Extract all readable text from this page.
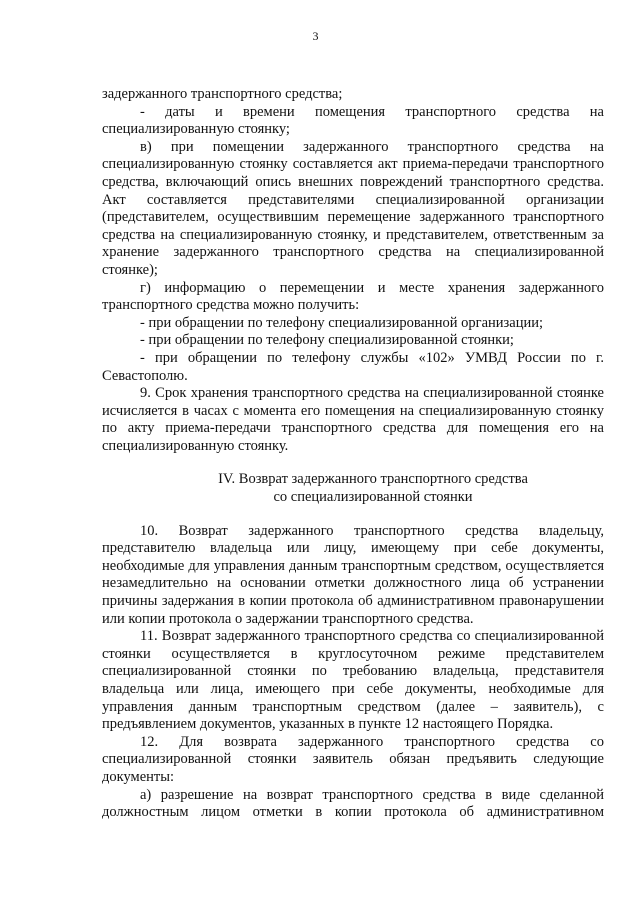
3

задержанного транспортного средства;

- даты и времени помещения транспортного средства на специализированную стоянку;

в) при помещении задержанного транспортного средства на специализированную стоянку составляется акт приема-передачи транспортного средства, включающий опись внешних повреждений транспортного средства. Акт составляется представителями специализированной организации (представителем, осуществившим перемещение задержанного транспортного средства на специализированную стоянку, и представителем, ответственным за хранение задержанного транспортного средства на специализированной стоянке);

г) информацию о перемещении и месте хранения задержанного транспортного средства можно получить:

- при обращении по телефону специализированной организации;

- при обращении по телефону специализированной стоянки;

- при обращении по телефону службы «102» УМВД России по г. Севастополю.

9. Срок хранения транспортного средства на специализированной стоянке исчисляется в часах с момента его помещения на специализированную стоянку по акту приема-передачи транспортного средства для помещения его на специализированную стоянку.

IV. Возврат задержанного транспортного средства
со специализированной стоянки

10. Возврат задержанного транспортного средства владельцу, представителю владельца или лицу, имеющему при себе документы, необходимые для управления данным транспортным средством, осуществляется незамедлительно на основании отметки должностного лица об устранении причины задержания в копии протокола об административном правонарушении или копии протокола о задержании транспортного средства.

11. Возврат задержанного транспортного средства со специализированной стоянки осуществляется в круглосуточном режиме представителем специализированной стоянки по требованию владельца, представителя владельца или лица, имеющего при себе документы, необходимые для управления данным транспортным средством (далее – заявитель), с предъявлением документов, указанных в пункте 12 настоящего Порядка.

12. Для возврата задержанного транспортного средства со специализированной стоянки заявитель обязан предъявить следующие документы:

а) разрешение на возврат транспортного средства в виде сделанной должностным лицом отметки в копии протокола об административном
